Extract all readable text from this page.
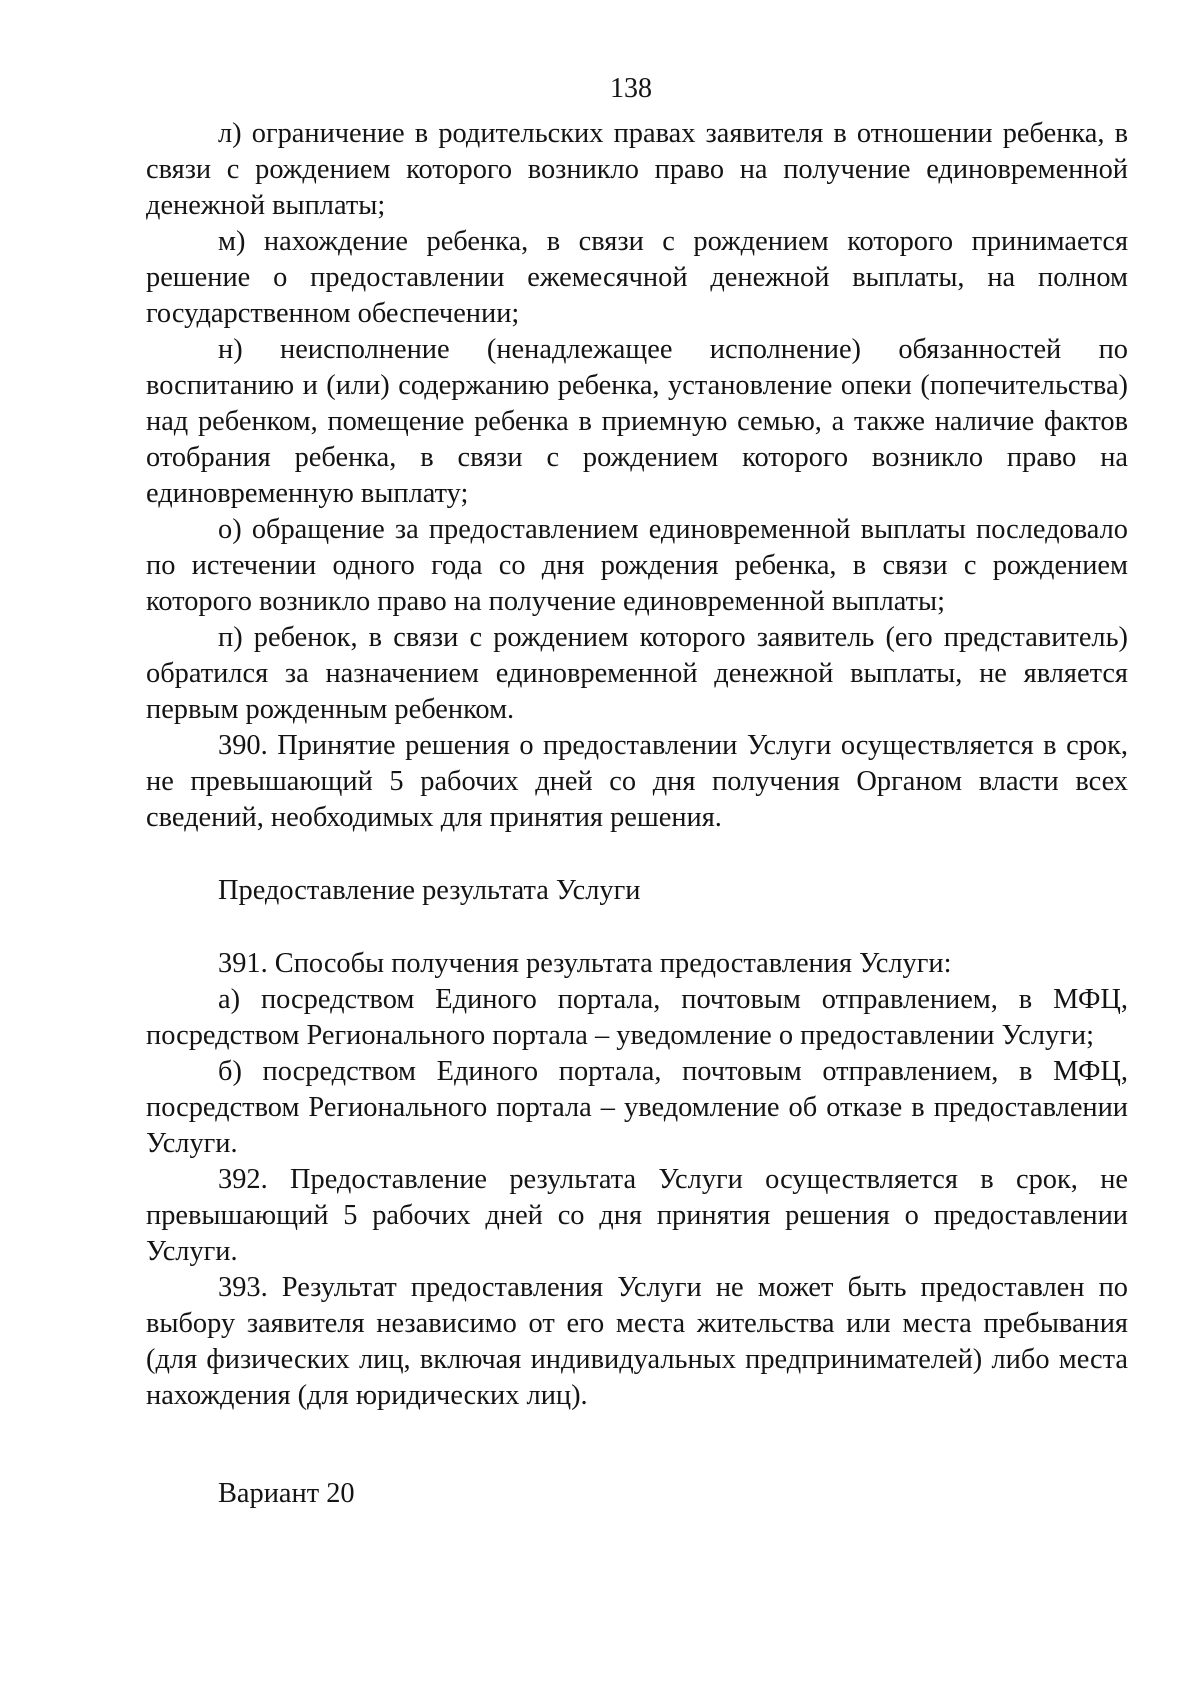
138

л) ограничение в родительских правах заявителя в отношении ребенка, в связи с рождением которого возникло право на получение единовременной денежной выплаты;

м) нахождение ребенка, в связи с рождением которого принимается решение о предоставлении ежемесячной денежной выплаты, на полном государственном обеспечении;

н) неисполнение (ненадлежащее исполнение) обязанностей по воспитанию и (или) содержанию ребенка, установление опеки (попечительства) над ребенком, помещение ребенка в приемную семью, а также наличие фактов отобрания ребенка, в связи с рождением которого возникло право на единовременную выплату;

о) обращение за предоставлением единовременной выплаты последовало по истечении одного года со дня рождения ребенка, в связи с рождением которого возникло право на получение единовременной выплаты;

п) ребенок, в связи с рождением которого заявитель (его представитель) обратился за назначением единовременной денежной выплаты, не является первым рожденным ребенком.

390. Принятие решения о предоставлении Услуги осуществляется в срок, не превышающий 5 рабочих дней со дня получения Органом власти всех сведений, необходимых для принятия решения.

Предоставление результата Услуги

391. Способы получения результата предоставления Услуги:

а) посредством Единого портала, почтовым отправлением, в МФЦ, посредством Регионального портала – уведомление о предоставлении Услуги;

б) посредством Единого портала, почтовым отправлением, в МФЦ, посредством Регионального портала – уведомление об отказе в предоставлении Услуги.

392. Предоставление результата Услуги осуществляется в срок, не превышающий 5 рабочих дней со дня принятия решения о предоставлении Услуги.

393. Результат предоставления Услуги не может быть предоставлен по выбору заявителя независимо от его места жительства или места пребывания (для физических лиц, включая индивидуальных предпринимателей) либо места нахождения (для юридических лиц).

Вариант 20
